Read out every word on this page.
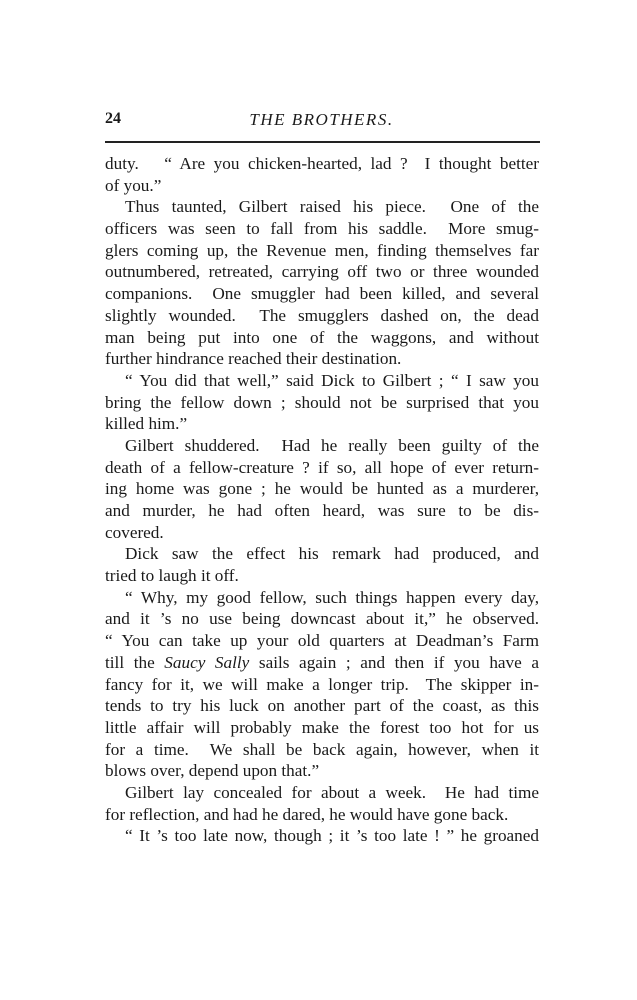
24	THE BROTHERS.
duty.   “ Are you chicken-hearted, lad ?  I thought better
of you.”
Thus taunted, Gilbert raised his piece.  One of the
officers was seen to fall from his saddle.  More smug-
glers coming up, the Revenue men, finding themselves far
outnumbered, retreated, carrying off two or three wounded
companions.  One smuggler had been killed, and several
slightly wounded.  The smugglers dashed on, the dead
man being put into one of the waggons, and without
further hindrance reached their destination.
“ You did that well,” said Dick to Gilbert ; “ I saw you
bring the fellow down ; should not be surprised that you
killed him.”
Gilbert shuddered.  Had he really been guilty of the
death of a fellow-creature ? if so, all hope of ever return-
ing home was gone ; he would be hunted as a murderer,
and murder, he had often heard, was sure to be dis-
covered.
Dick saw the effect his remark had produced, and
tried to laugh it off.
“ Why, my good fellow, such things happen every day,
and it ’s no use being downcast about it,” he observed.
“ You can take up your old quarters at Deadman’s Farm
till the Saucy Sally sails again ; and then if you have a
fancy for it, we will make a longer trip.  The skipper in-
tends to try his luck on another part of the coast, as this
little affair will probably make the forest too hot for us
for a time.  We shall be back again, however, when it
blows over, depend upon that.”
Gilbert lay concealed for about a week.  He had time
for reflection, and had he dared, he would have gone back.
“ It ’s too late now, though ; it ’s too late ! ” he groaned
